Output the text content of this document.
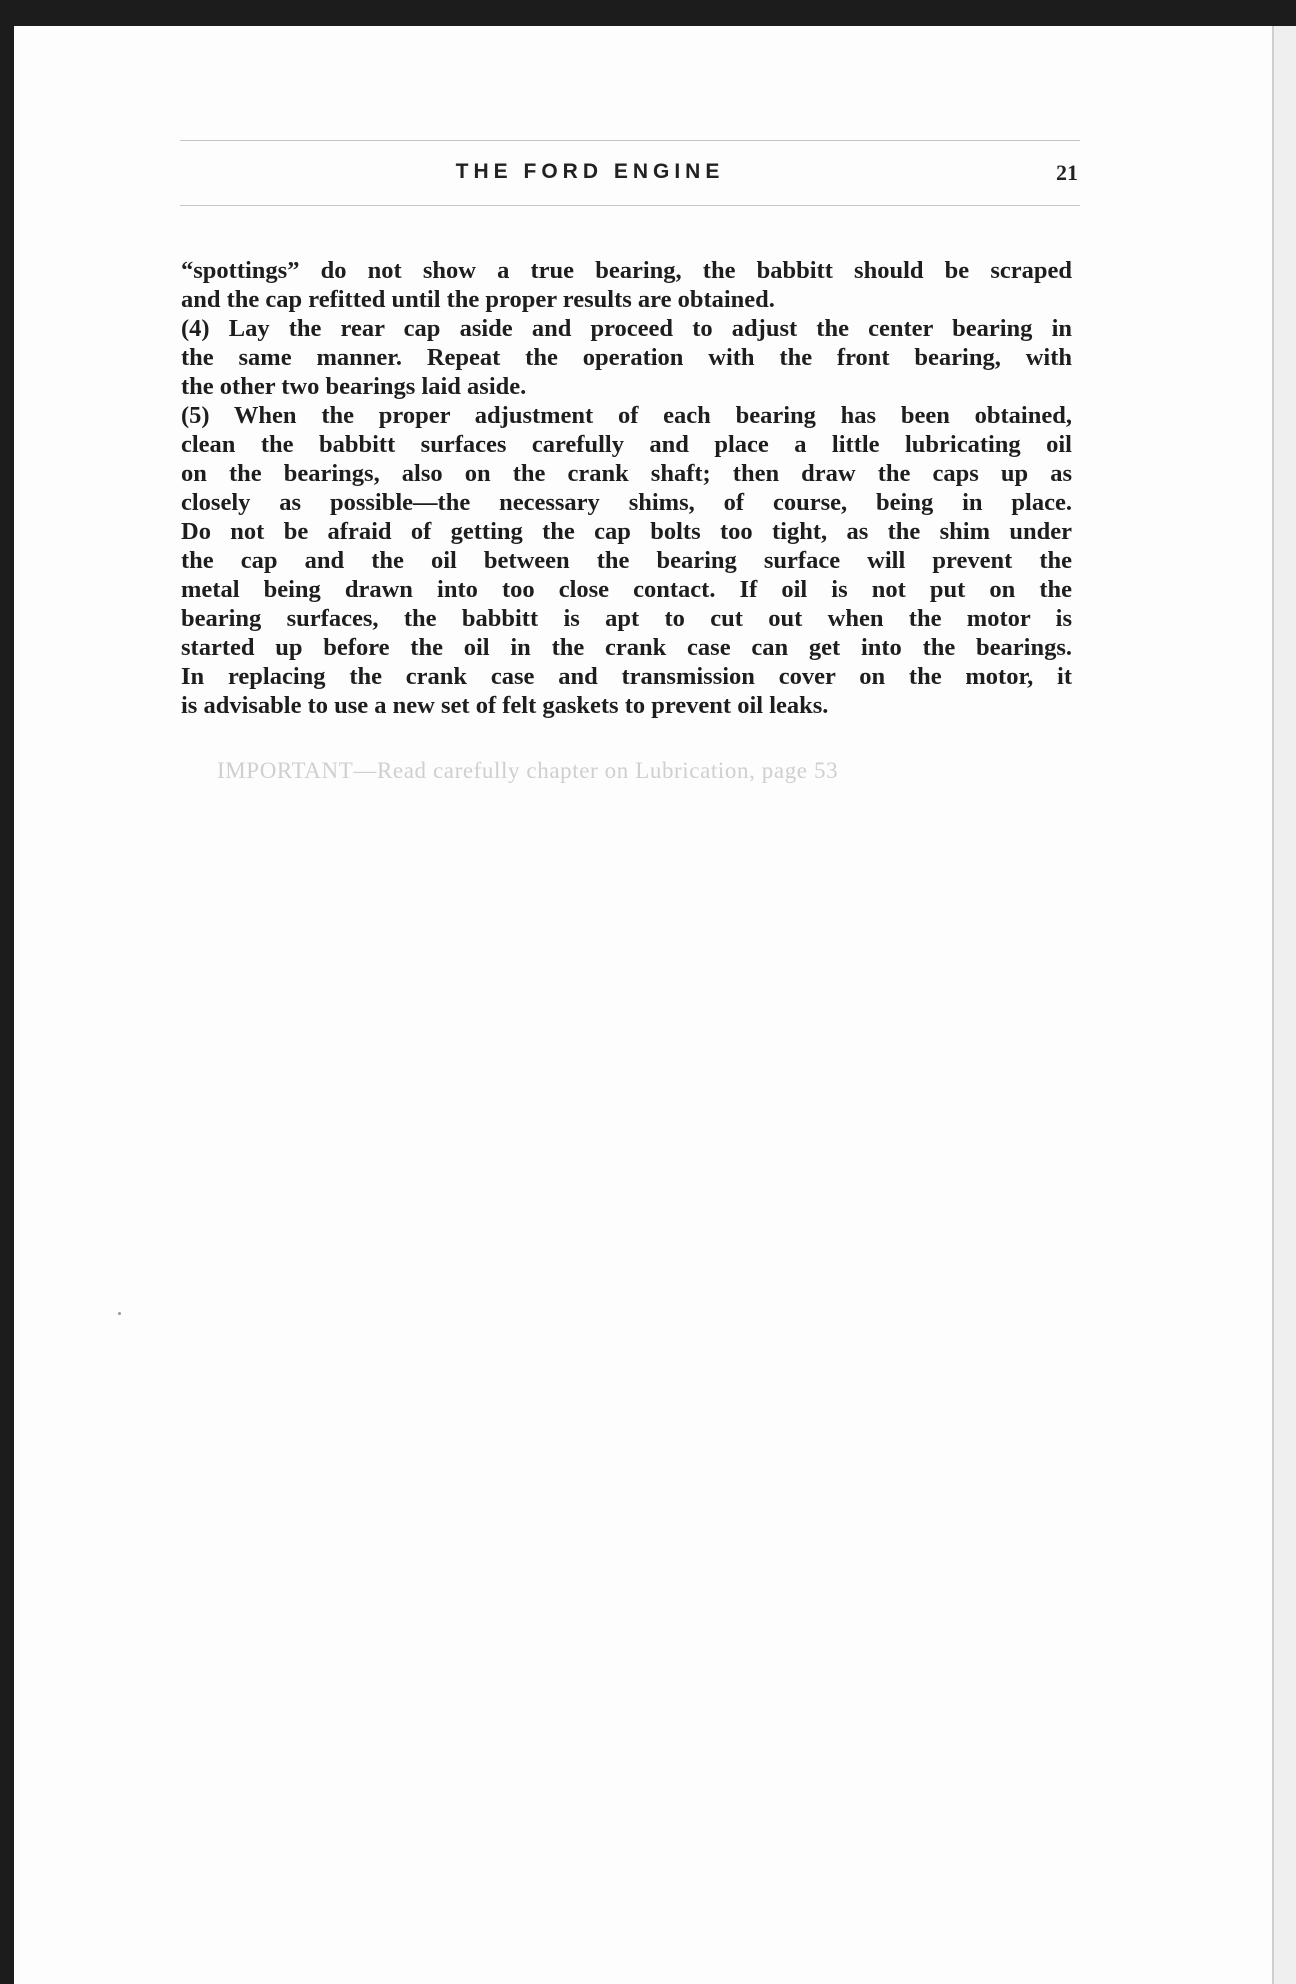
THE FORD ENGINE	21
“spottings” do not show a true bearing, the babbitt should be scraped
and the cap refitted until the proper results are obtained.
(4) Lay the rear cap aside and proceed to adjust the center bearing in
the same manner. Repeat the operation with the front bearing, with
the other two bearings laid aside.
(5) When the proper adjustment of each bearing has been obtained,
clean the babbitt surfaces carefully and place a little lubricating oil
on the bearings, also on the crank shaft; then draw the caps up as
closely as possible—the necessary shims, of course, being in place.
Do not be afraid of getting the cap bolts too tight, as the shim under
the cap and the oil between the bearing surface will prevent the
metal being drawn into too close contact. If oil is not put on the
bearing surfaces, the babbitt is apt to cut out when the motor is
started up before the oil in the crank case can get into the bearings.
In replacing the crank case and transmission cover on the motor, it
is advisable to use a new set of felt gaskets to prevent oil leaks.
IMPORTANT—Read carefully chapter on Lubrication, page 53
